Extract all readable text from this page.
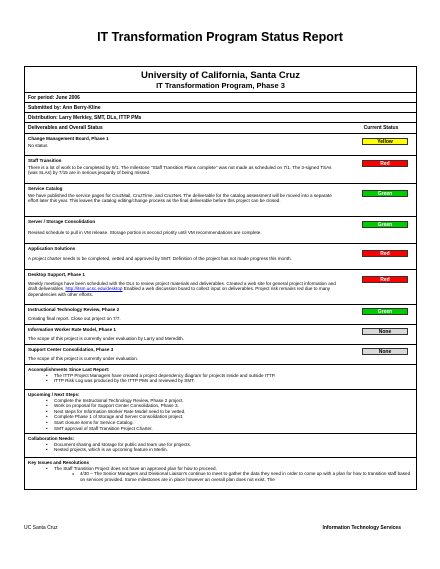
IT Transformation Program Status Report
University of California, Santa Cruz
IT Transformation Program, Phase 3
For period: June 2006
Submitted by: Ann Berry-Kline
Distribution: Larry Merkley, SMT, DLs, ITTP PMs
Deliverables and Overall Status	Current Status
Change Management Board, Phase 1
No status
Yellow
Staff Transition
There is a lot of work to be completed by 9/1. The milestone "Staff Transition Plans complete" was not made as scheduled on 7/1. The 3-signed TSAs (was SLAs) by 7/15 are in serious jeopardy of being missed.
Red
Service Catalog
We have published the service pages for CruzMail, CruzTime, and CruzNet. The deliverable for the catalog assessment will be moved into a separate effort later this year. This leaves the catalog editing/change process as the final deliverable before this project can be closed.
Green
Server / Storage Consolidation
Revised schedule to pull in VM release. Storage portion is second priority until VM recommendations are complete.
Green
Application Solutions
A project charter needs to be completed, vetted and approved by SMT. Definition of the project has not made progress this month.
Red
Desktop Support, Phase 1
Weekly meetings have been scheduled with the DLs to review project materials and deliverables. Created a web site for general project information and draft deliverables. http://itsm.ucsc.edu/desktop Enabled a web discussion board to collect input on deliverables. Project risk remains red due to many dependencies with other efforts.
Red
Instructional Technology Review, Phase 2
Creating final report. Close out project on 7/7.
Green
Information Worker Rate Model, Phase 1
The scope of this project is currently under evaluation by Larry and Meredith.
None
Support Center Consolidation, Phase 3
The scope of this project is currently under evaluation.
None
Accomplishments Since Last Report:
• The ITTP Project Managers have created a project dependency diagram for projects inside and outside ITTP.
• ITTP Risk Log was produced by the ITTP PMs and reviewed by SMT.
Upcoming / Next Steps:
• Complete the Instructional Technology Review, Phase 2 project.
• Work on proposal for Support Center Consolidation, Phase 3.
• Next steps for Information Worker Rate Model need to be vetted.
• Complete Phase 1 of Storage and Server Consolidation project.
• Start closure items for Service Catalog.
• SMT approval of Staff Transition Project Charter.
Collaboration Needs:
• Document sharing and storage for public and team use for projects.
• Nested projects, which is an upcoming feature in Merlin.
Key Issues and Resolutions
• The Staff Transition Project does not have an approved plan for how to proceed.
o 4/30 – The Senior Managers and Divisional Liaison's continue to meet to gather the data they need in order to come up with a plan for how to transition staff based on services provided. Some milestones are in place however an overall plan does not exist. The
UC Santa Cruz	Information Technology Services
